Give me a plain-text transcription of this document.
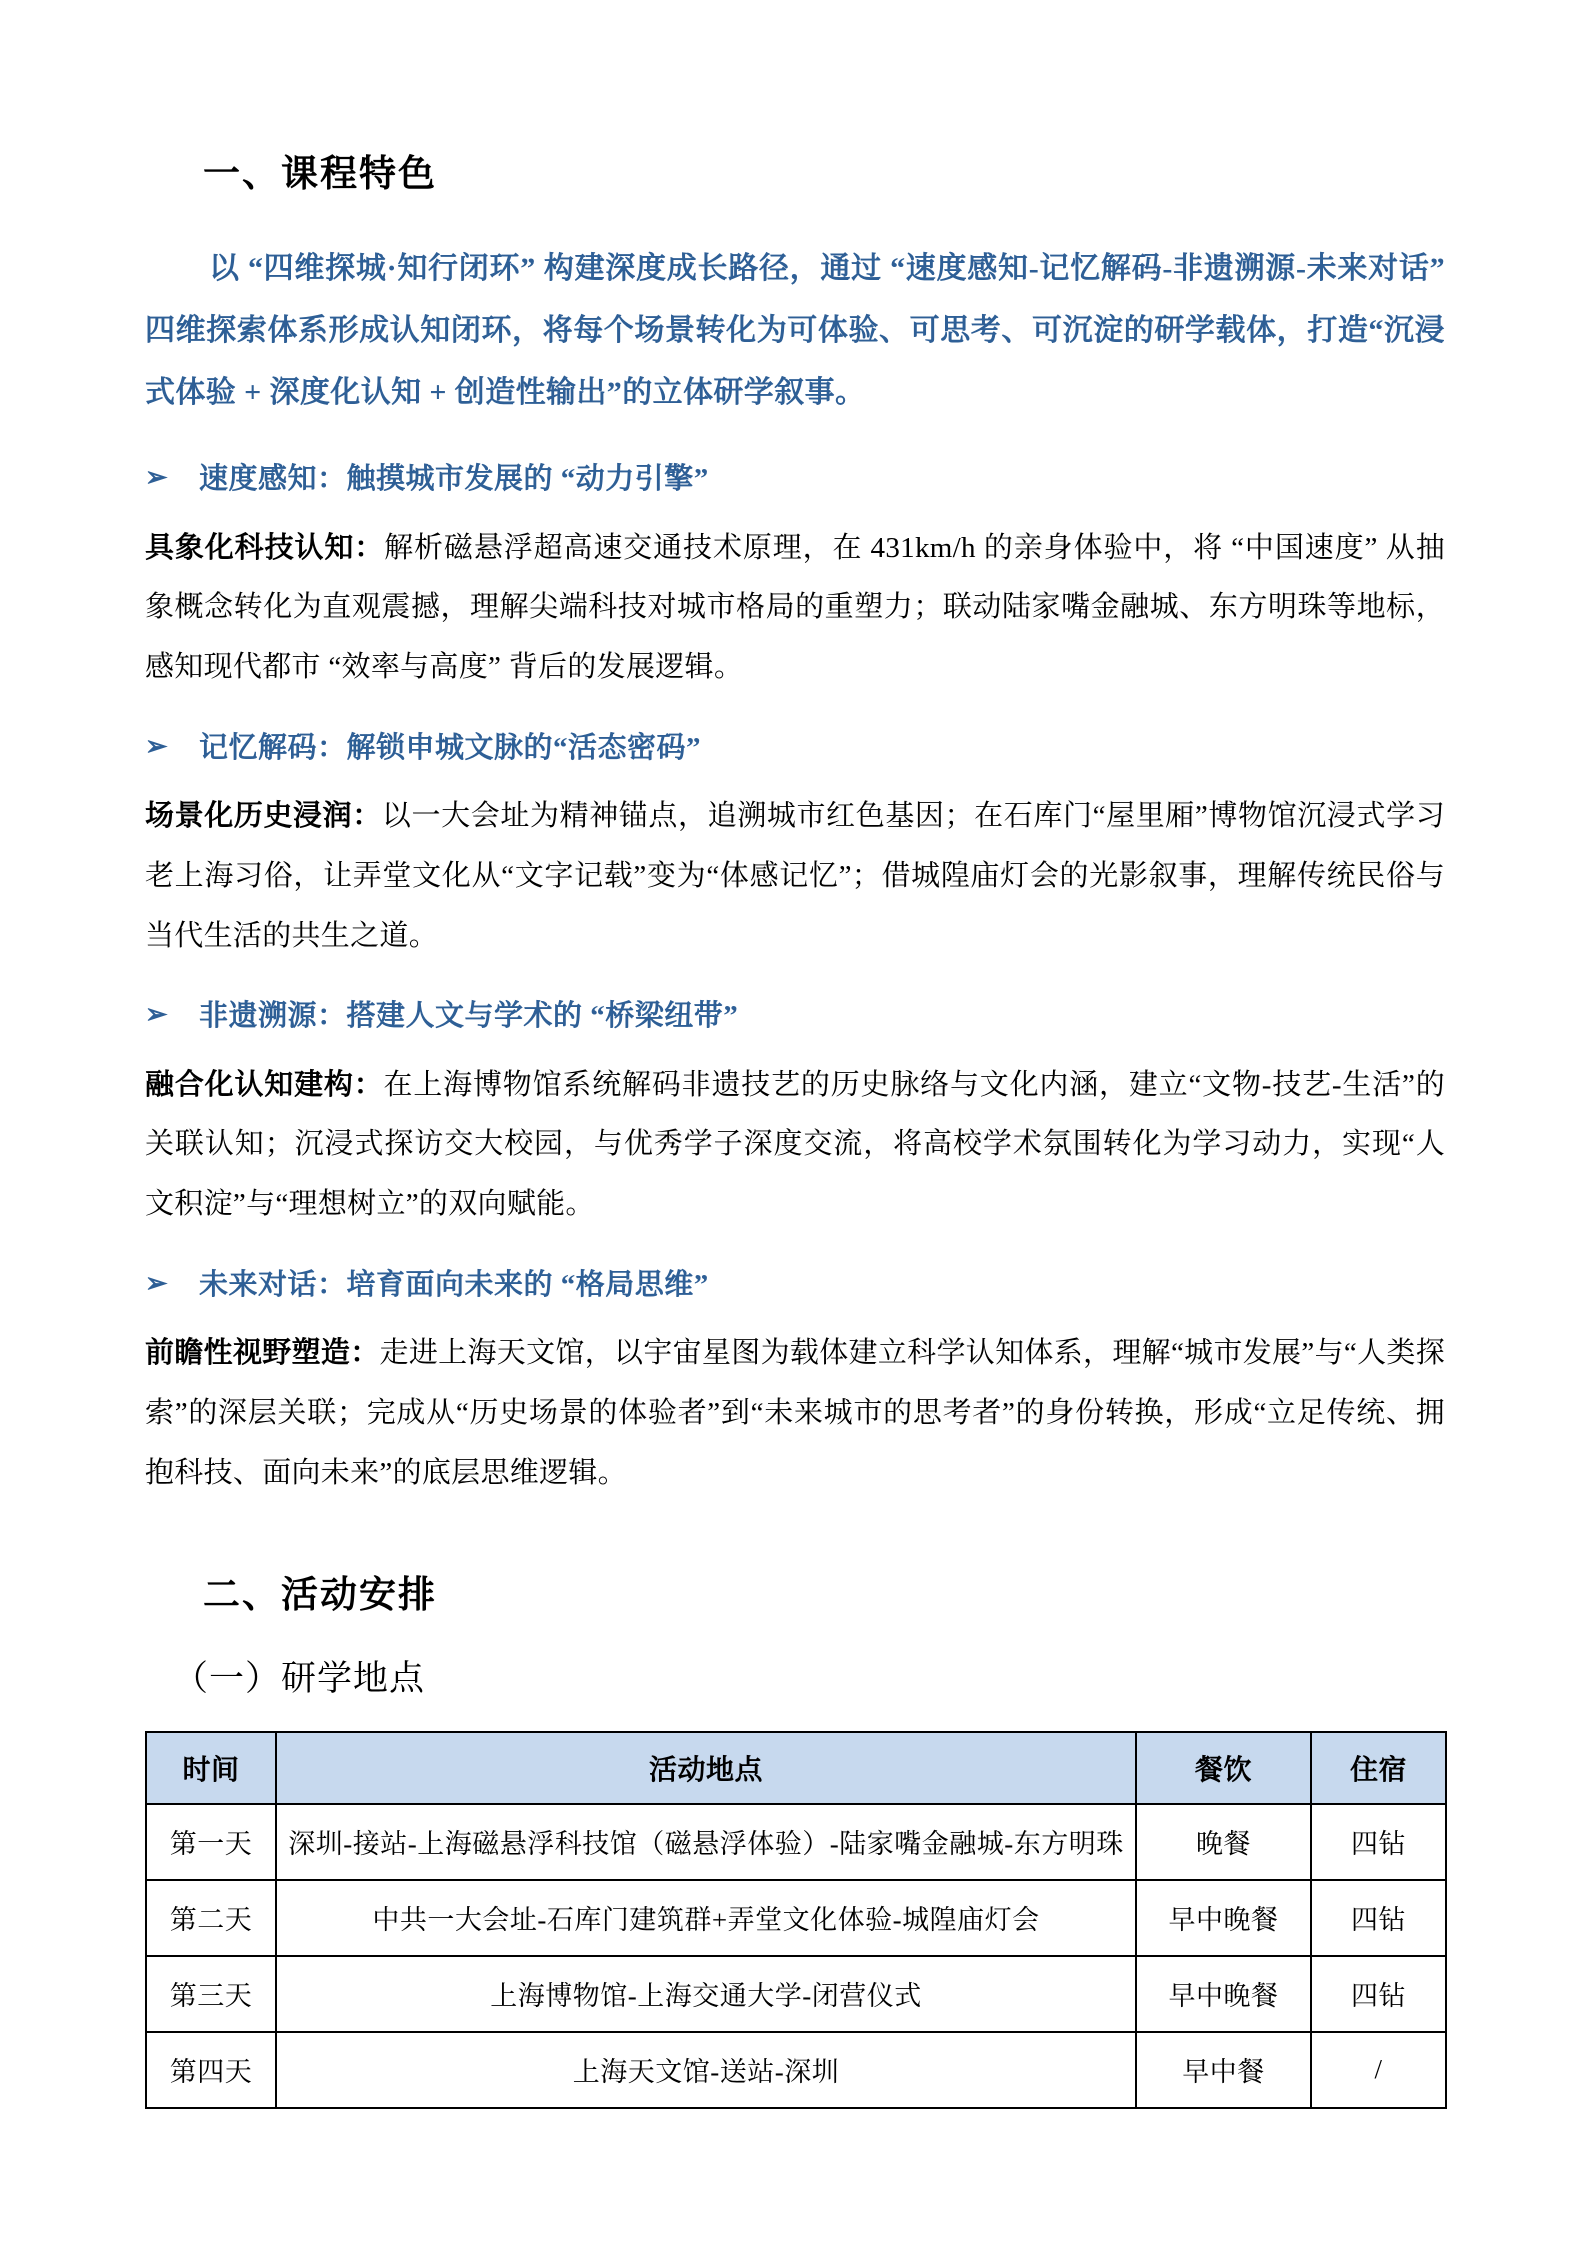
一、课程特色

以 “四维探城·知行闭环” 构建深度成长路径，通过 “速度感知-记忆解码-非遗溯源-未来对话” 四维探索体系形成认知闭环，将每个场景转化为可体验、可思考、可沉淀的研学载体，打造“沉浸式体验 + 深度化认知 + 创造性输出”的立体研学叙事。

➢	速度感知：触摸城市发展的 “动力引擎”

具象化科技认知：解析磁悬浮超高速交通技术原理，在 431km/h 的亲身体验中，将 “中国速度” 从抽象概念转化为直观震撼，理解尖端科技对城市格局的重塑力；联动陆家嘴金融城、东方明珠等地标，感知现代都市 “效率与高度” 背后的发展逻辑。

➢	记忆解码：解锁申城文脉的“活态密码”

场景化历史浸润：以一大会址为精神锚点，追溯城市红色基因；在石库门“屋里厢”博物馆沉浸式学习老上海习俗，让弄堂文化从“文字记载”变为“体感记忆”；借城隍庙灯会的光影叙事，理解传统民俗与当代生活的共生之道。

➢	非遗溯源：搭建人文与学术的 “桥梁纽带”

融合化认知建构：在上海博物馆系统解码非遗技艺的历史脉络与文化内涵，建立“文物-技艺-生活”的关联认知；沉浸式探访交大校园，与优秀学子深度交流，将高校学术氛围转化为学习动力，实现“人文积淀”与“理想树立”的双向赋能。

➢	未来对话：培育面向未来的 “格局思维”

前瞻性视野塑造：走进上海天文馆，以宇宙星图为载体建立科学认知体系，理解“城市发展”与“人类探索”的深层关联；完成从“历史场景的体验者”到“未来城市的思考者”的身份转换，形成“立足传统、拥抱科技、面向未来”的底层思维逻辑。

二、活动安排
（一）研学地点
时间	活动地点	餐饮	住宿
第一天	深圳-接站-上海磁悬浮科技馆（磁悬浮体验）-陆家嘴金融城-东方明珠	晚餐	四钻
第二天	中共一大会址-石库门建筑群+弄堂文化体验-城隍庙灯会	早中晚餐	四钻
第三天	上海博物馆-上海交通大学-闭营仪式	早中晚餐	四钻
第四天	上海天文馆-送站-深圳	早中餐	/
